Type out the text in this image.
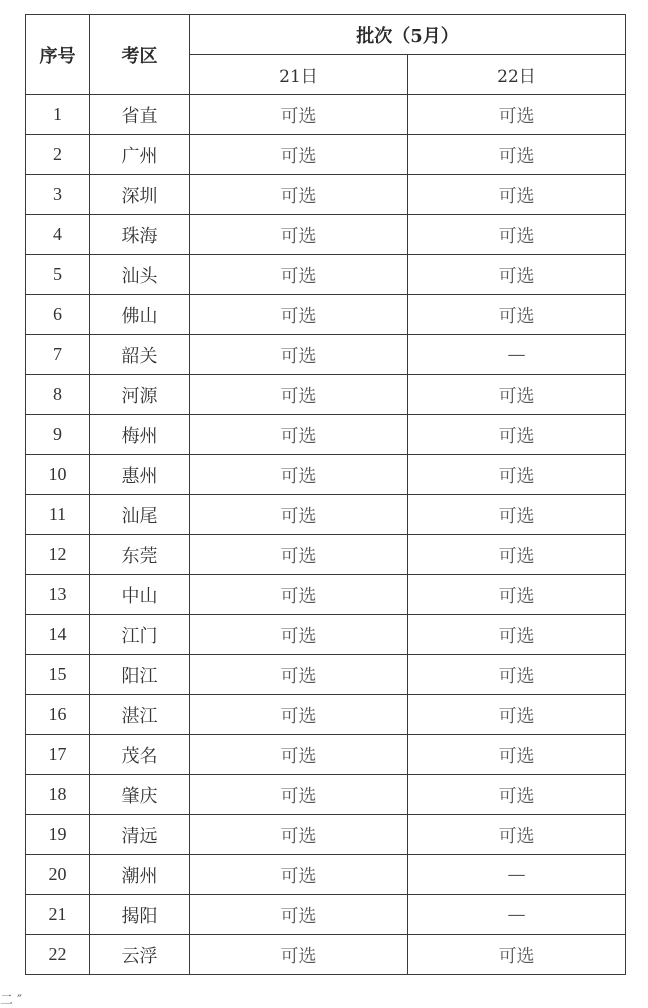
序号	考区	批次（5月）	
		21日	22日
1	省直	可选	可选
2	广州	可选	可选
3	深圳	可选	可选
4	珠海	可选	可选
5	汕头	可选	可选
6	佛山	可选	可选
7	韶关	可选	—
8	河源	可选	可选
9	梅州	可选	可选
10	惠州	可选	可选
11	汕尾	可选	可选
12	东莞	可选	可选
13	中山	可选	可选
14	江门	可选	可选
15	阳江	可选	可选
16	湛江	可选	可选
17	茂名	可选	可选
18	肇庆	可选	可选
19	清远	可选	可选
20	潮州	可选	—
21	揭阳	可选	—
22	云浮	可选	可选
二 ″
